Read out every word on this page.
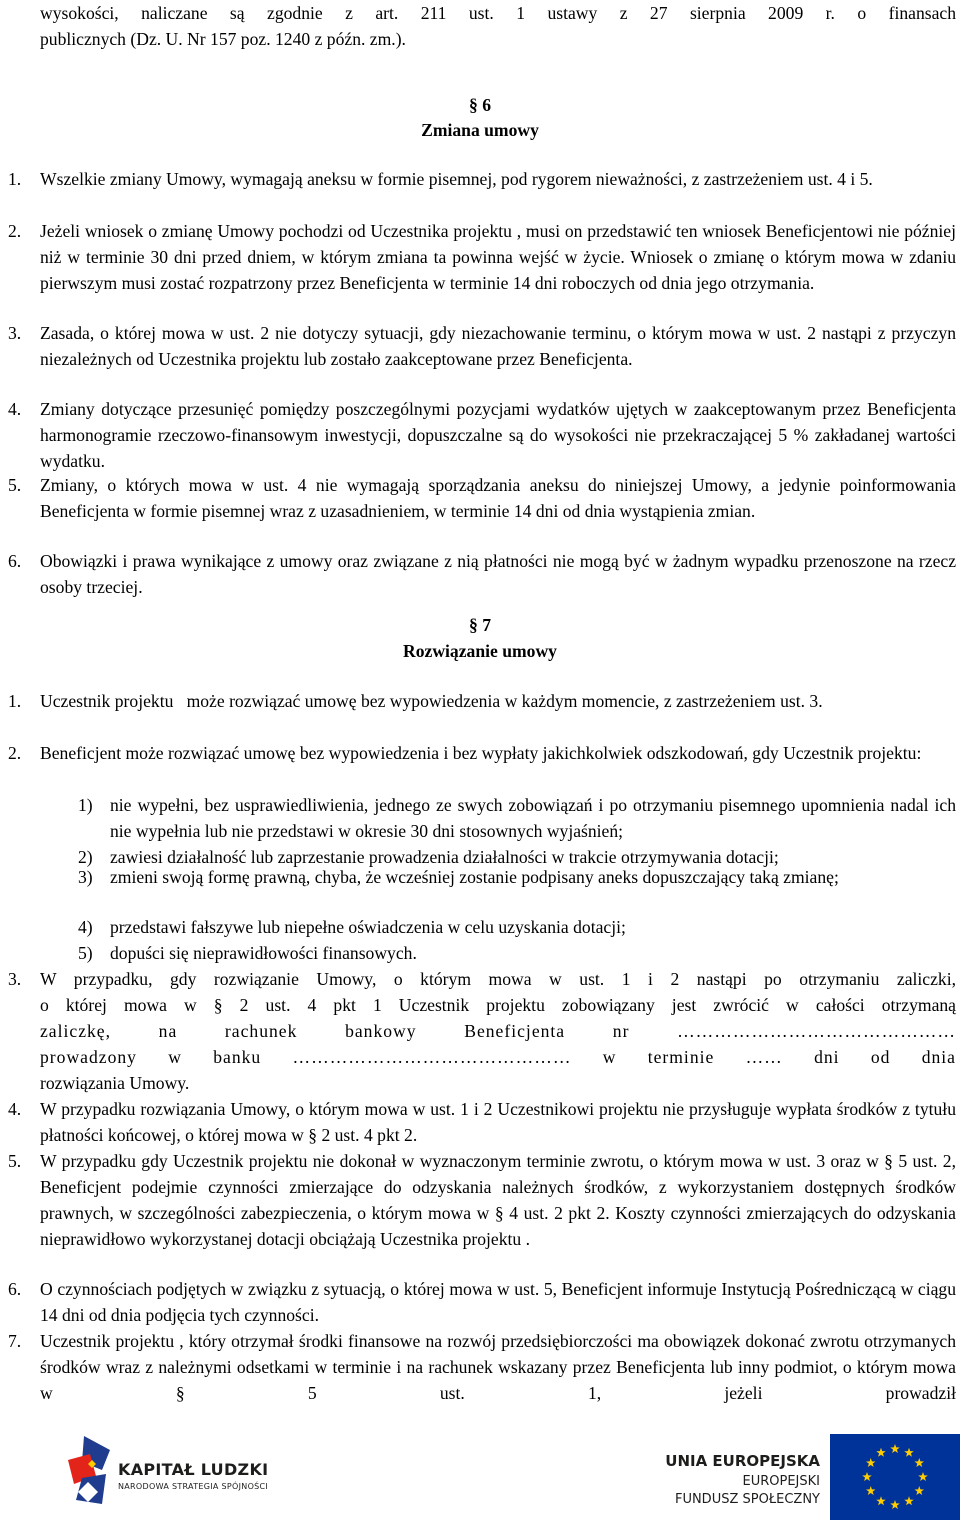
wysokości, naliczane są zgodnie z art. 211 ust. 1 ustawy z 27 sierpnia 2009 r. o finansach
publicznych (Dz. U. Nr 157 poz. 1240 z późn. zm.).
§ 6
Zmiana umowy
1. Wszelkie zmiany Umowy, wymagają aneksu w formie pisemnej, pod rygorem nieważności, z zastrzeżeniem ust. 4 i 5.
2. Jeżeli wniosek o zmianę Umowy pochodzi od Uczestnika projektu , musi on przedstawić ten wniosek Beneficjentowi nie później niż w terminie 30 dni przed dniem, w którym zmiana ta powinna wejść w życie. Wniosek o zmianę o którym mowa w zdaniu pierwszym musi zostać rozpatrzony przez Beneficjenta w terminie 14 dni roboczych od dnia jego otrzymania.
3. Zasada, o której mowa w ust. 2 nie dotyczy sytuacji, gdy niezachowanie terminu, o którym mowa w ust. 2 nastąpi z przyczyn niezależnych od Uczestnika projektu lub zostało zaakceptowane przez Beneficjenta.
4. Zmiany dotyczące przesunięć pomiędzy poszczególnymi pozycjami wydatków ujętych w zaakceptowanym przez Beneficjenta harmonogramie rzeczowo-finansowym inwestycji, dopuszczalne są do wysokości nie przekraczającej 5 % zakładanej wartości wydatku.
5. Zmiany, o których mowa w ust. 4 nie wymagają sporządzania aneksu do niniejszej Umowy, a jedynie poinformowania Beneficjenta w formie pisemnej wraz z uzasadnieniem, w terminie 14 dni od dnia wystąpienia zmian.
6. Obowiązki i prawa wynikające z umowy oraz związane z nią płatności nie mogą być w żadnym wypadku przenoszone na rzecz osoby trzeciej.
§ 7
Rozwiązanie umowy
1. Uczestnik projektu   może rozwiązać umowę bez wypowiedzenia w każdym momencie, z zastrzeżeniem ust. 3.
2. Beneficjent może rozwiązać umowę bez wypowiedzenia i bez wypłaty jakichkolwiek odszkodowań, gdy Uczestnik projektu:
1) nie wypełni, bez usprawiedliwienia, jednego ze swych zobowiązań i po otrzymaniu pisemnego upomnienia nadal ich nie wypełnia lub nie przedstawi w okresie 30 dni stosownych wyjaśnień;
2) zawiesi działalność lub zaprzestanie prowadzenia działalności w trakcie otrzymywania dotacji;
3) zmieni swoją formę prawną, chyba, że wcześniej zostanie podpisany aneks dopuszczający taką zmianę;
4) przedstawi fałszywe lub niepełne oświadczenia w celu uzyskania dotacji;
5) dopuści się nieprawidłowości finansowych.
3. W przypadku, gdy rozwiązanie Umowy, o którym mowa w ust. 1 i 2 nastąpi po otrzymaniu zaliczki,
o której mowa w § 2 ust. 4 pkt 1 Uczestnik projektu zobowiązany jest zwrócić w całości otrzymaną
zaliczkę, na rachunek bankowy Beneficjenta nr ………………………………………
prowadzony w banku ……………………………………… w terminie …… dni od dnia
rozwiązania Umowy.
4. W przypadku rozwiązania Umowy, o którym mowa w ust. 1 i 2 Uczestnikowi projektu nie przysługuje wypłata środków z tytułu płatności końcowej, o której mowa w § 2 ust. 4 pkt 2.
5. W przypadku gdy Uczestnik projektu nie dokonał w wyznaczonym terminie zwrotu, o którym mowa w ust. 3 oraz w § 5 ust. 2, Beneficjent podejmie czynności zmierzające do odzyskania należnych środków, z wykorzystaniem dostępnych środków prawnych, w szczególności zabezpieczenia, o którym mowa w § 4 ust. 2 pkt 2. Koszty czynności zmierzających do odzyskania nieprawidłowo wykorzystanej dotacji obciążają Uczestnika projektu .
6. O czynnościach podjętych w związku z sytuacją, o której mowa w ust. 5, Beneficjent informuje Instytucją Pośredniczącą w ciągu 14 dni od dnia podjęcia tych czynności.
7. Uczestnik projektu , który otrzymał środki finansowe na rozwój przedsiębiorczości ma obowiązek dokonać zwrotu otrzymanych środków wraz z należnymi odsetkami w terminie i na rachunek wskazany przez Beneficjenta lub inny podmiot, o którym mowa w § 5 ust. 1, jeżeli prowadził
KAPITAŁ LUDZKI
NARODOWA STRATEGIA SPÓJNOŚCI
UNIA EUROPEJSKA
EUROPEJSKI
FUNDUSZ SPOŁECZNY
